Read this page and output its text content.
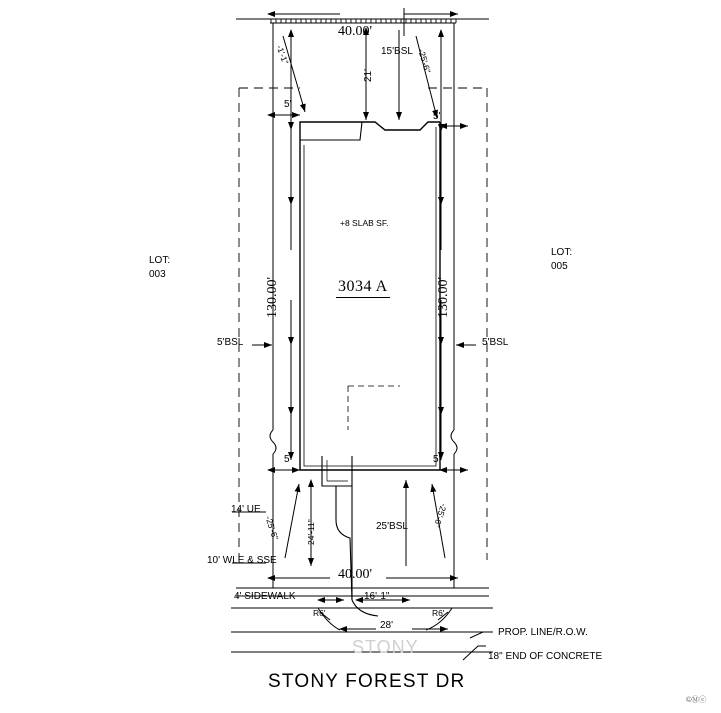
40.00'
15'BSL
21'
-1'-1"	-25'-6"
5'
5'
5'	5'
130.00'	130.00'
LOT:
003
LOT:
005
+8 SLAB SF.
3034 A
5'BSL	5'BSL
14' UE
10' WLE & SSE
-25'-6"	24'-11"
-25'-6"
25'BSL
40.00'
4' SIDEWALK	16'-1"
R6'	R6'
28'
PROP. LINE/R.O.W.
18" END OF CONCRETE
STONY
STONY FOREST DR
©Ⓜⓔ
